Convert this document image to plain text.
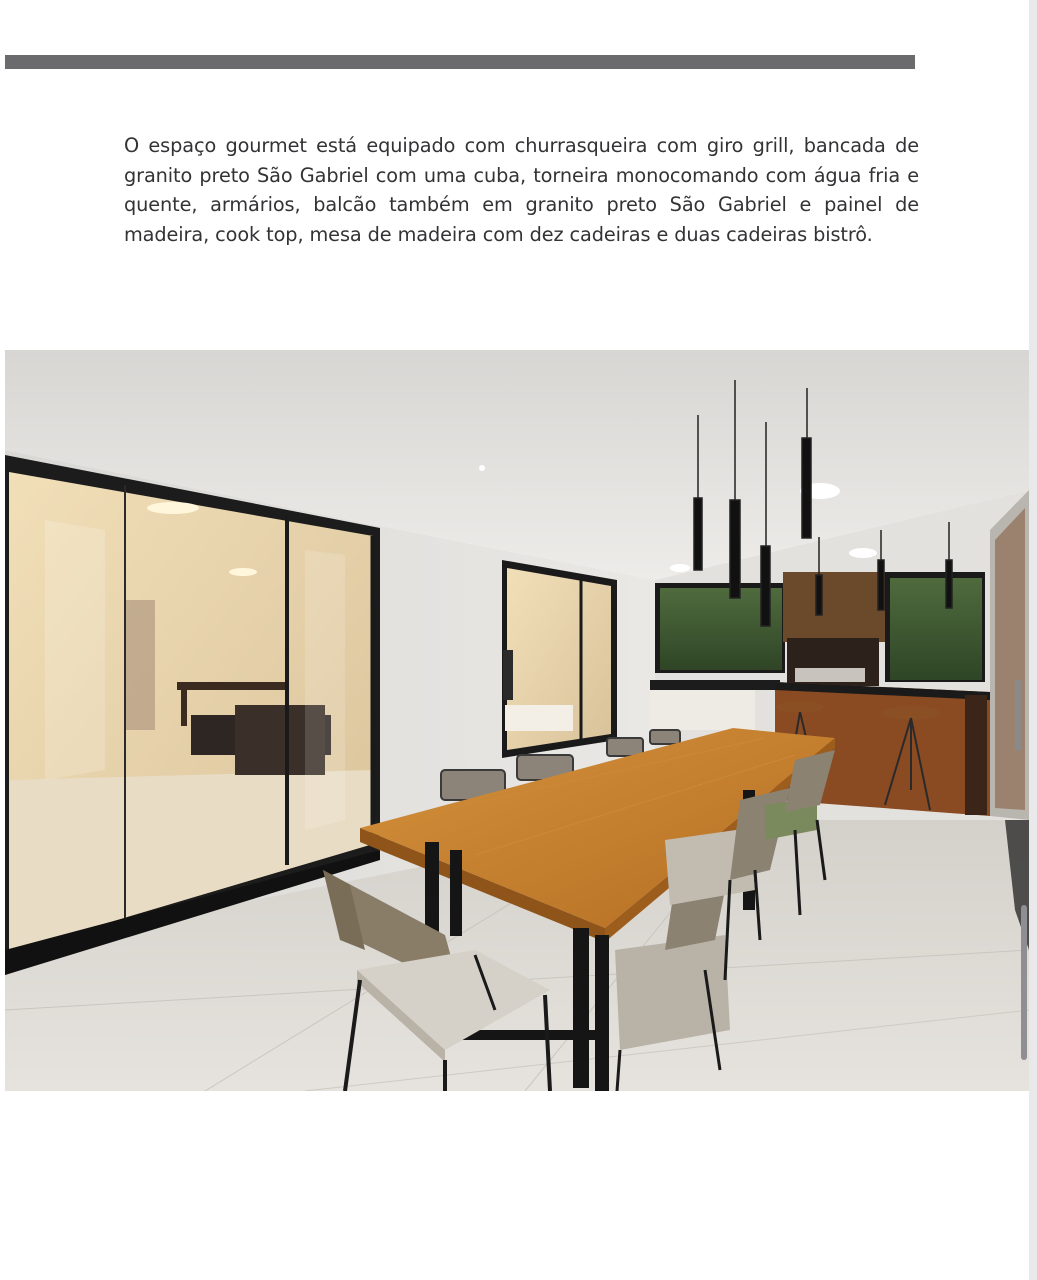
O espaço gourmet está equipado com churrasqueira com giro grill, bancada de granito preto São Gabriel com uma cuba, torneira monocomando com água fria e quente, armários, balcão também em granito preto São Gabriel e painel de madeira, cook top, mesa de madeira com dez cadeiras e duas cadeiras bistrô.
